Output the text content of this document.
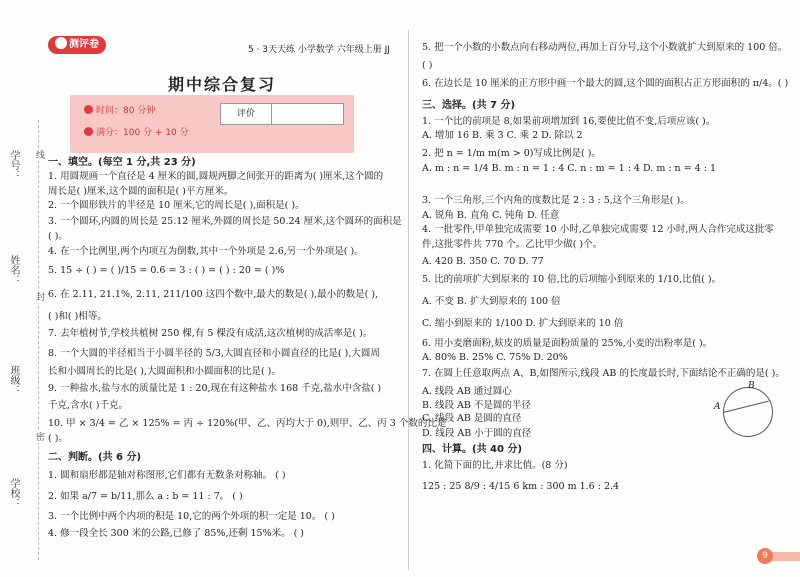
学号：
姓名：
班级：
学校：
线
封
密
测评卷	5 · 3天天练 小学数学 六年级上册 JJ
期中综合复习
时间：80 分钟
满分：100 分 + 10 分
评价
一、填空。(每空 1 分,共 23 分)
1. 用圆规画一个直径是 4 厘米的圆,圆规两脚之间张开的距离为( )厘米,这个圆的
周长是( )厘米,这个圆的面积是( )平方厘米。
2. 一个圆形铁片的半径是 10 厘米,它的周长是( ),面积是( )。
3. 一个圆环,内圆的周长是 25.12 厘米,外圆的周长是 50.24 厘米,这个圆环的面积是
( )。
4. 在一个比例里,两个内项互为倒数,其中一个外项是 2.6,另一个外项是( )。
5. 15 ÷ ( ) = ( )/15 = 0.6 = 3 : ( ) = ( ) : 20 = ( )%
6. 在 2.11, 21.1%, 2.11, 211/100 这四个数中,最大的数是( ),最小的数是( ),
( )和( )相等。
7. 去年植树节,学校共植树 250 棵,有 5 棵没有成活,这次植树的成活率是( )。
8. 一个大圆的半径相当于小圆半径的 5/3,大圆直径和小圆直径的比是( ),大圆周
长和小圆周长的比是( ),大圆面积和小圆面积的比是( )。
9. 一种盐水,盐与水的质量比是 1 : 20,现在有这种盐水 168 千克,盐水中含盐( )
千克,含水( )千克。
10. 甲 × 3/4 = 乙 × 125% = 丙 ÷ 120%(甲、乙、丙均大于 0),则甲、乙、丙 3 个数的比是
( )。
二、判断。(共 6 分)
1. 圆和扇形都是轴对称图形,它们都有无数条对称轴。 ( )
2. 如果 a/7 = b/11,那么 a : b = 11 : 7。 ( )
3. 一个比例中两个内项的积是 10,它的两个外项的积一定是 10。 ( )
4. 修一段全长 300 米的公路,已修了 85%,还剩 15%米。 ( )
5. 把一个小数的小数点向右移动两位,再加上百分号,这个小数就扩大到原来的 100 倍。
( )
6. 在边长是 10 厘米的正方形中画一个最大的圆,这个圆的面积占正方形面积的 π/4。( )
三、选择。(共 7 分)
1. 一个比的前项是 8,如果前项增加到 16,要使比值不变,后项应该( )。
A. 增加 16 B. 乘 3 C. 乘 2 D. 除以 2
2. 把 n = 1/m m(m > 0)写成比例是( )。
A. m : n = 1/4 B. m : n = 1 : 4 C. n : m = 1 : 4 D. m : n = 4 : 1
3. 一个三角形,三个内角的度数比是 2 : 3 : 5,这个三角形是( )。
A. 锐角 B. 直角 C. 钝角 D. 任意
4. 一批零件,甲单独完成需要 10 小时,乙单独完成需要 12 小时,两人合作完成这批零
件,这批零件共 770 个。乙比甲少做( )个。
A. 420 B. 350 C. 70 D. 77
5. 比的前项扩大到原来的 10 倍,比的后项缩小到原来的 1/10,比值( )。
A. 不变 B. 扩大到原来的 100 倍
C. 缩小到原来的 1/100 D. 扩大到原来的 10 倍
6. 用小麦磨面粉,麸皮的质量是面粉质量的 25%,小麦的出粉率是( )。
A. 80% B. 25% C. 75% D. 20%
7. 在圆上任意取两点 A、B,如图所示,线段 AB 的长度最长时,下面结论不正确的是( )。
A. 线段 AB 通过圆心
B. 线段 AB 不是圆的半径
C. 线段 AB 是圆的直径
D. 线段 AB 小于圆的直径
四、计算。(共 40 分)
1. 化简下面的比,并求比值。(8 分)
125 : 25 8/9 : 4/15 6 km : 300 m 1.6 : 2.4
A
B
9
